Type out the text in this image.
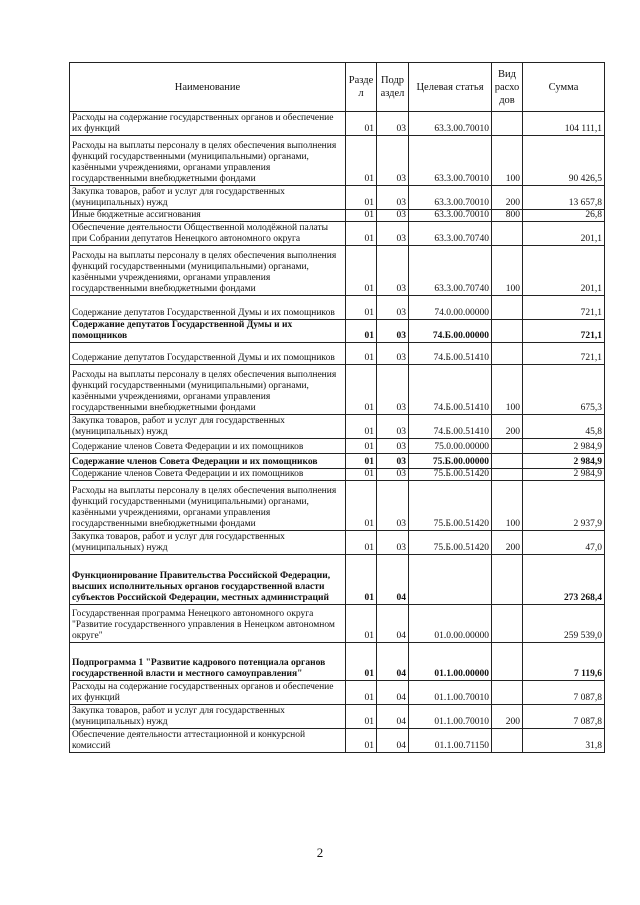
Наименование	Разде л	Подр аздел	Целевая статья	Вид расхо дов	Сумма
Расходы на содержание государственных органов и обеспечение их функций	01	03	63.3.00.70010		104 111,1
Расходы на выплаты персоналу в целях обеспечения выполнения функций государственными (муниципальными) органами, казёнными учреждениями, органами управления государственными внебюджетными фондами	01	03	63.3.00.70010	100	90 426,5
Закупка товаров, работ и услуг для государственных (муниципальных) нужд	01	03	63.3.00.70010	200	13 657,8
Иные бюджетные ассигнования	01	03	63.3.00.70010	800	26,8
Обеспечение деятельности Общественной молодёжной палаты при Собрании депутатов Ненецкого автономного округа	01	03	63.3.00.70740		201,1
Расходы на выплаты персоналу в целях обеспечения выполнения функций государственными (муниципальными) органами, казёнными учреждениями, органами управления государственными внебюджетными фондами	01	03	63.3.00.70740	100	201,1
Содержание депутатов Государственной Думы и их помощников	01	03	74.0.00.00000		721,1
Содержание депутатов Государственной Думы и их помощников	01	03	74.Б.00.00000		721,1
Содержание депутатов Государственной Думы и их помощников	01	03	74.Б.00.51410		721,1
Расходы на выплаты персоналу в целях обеспечения выполнения функций государственными (муниципальными) органами, казёнными учреждениями, органами управления государственными внебюджетными фондами	01	03	74.Б.00.51410	100	675,3
Закупка товаров, работ и услуг для государственных (муниципальных) нужд	01	03	74.Б.00.51410	200	45,8
Содержание членов Совета Федерации и их помощников	01	03	75.0.00.00000		2 984,9
Содержание членов Совета Федерации и их помощников	01	03	75.Б.00.00000		2 984,9
Содержание членов Совета Федерации и их помощников	01	03	75.Б.00.51420		2 984,9
Расходы на выплаты персоналу в целях обеспечения выполнения функций государственными (муниципальными) органами, казёнными учреждениями, органами управления государственными внебюджетными фондами	01	03	75.Б.00.51420	100	2 937,9
Закупка товаров, работ и услуг для государственных (муниципальных) нужд	01	03	75.Б.00.51420	200	47,0
Функционирование Правительства Российской Федерации, высших исполнительных органов государственной власти субъектов Российской Федерации, местных администраций	01	04			273 268,4
Государственная программа Ненецкого автономного округа "Развитие государственного управления в Ненецком автономном округе"	01	04	01.0.00.00000		259 539,0
Подпрограмма 1 "Развитие кадрового потенциала органов государственной власти и местного самоуправления"	01	04	01.1.00.00000		7 119,6
Расходы на содержание государственных органов и обеспечение их функций	01	04	01.1.00.70010		7 087,8
Закупка товаров, работ и услуг для государственных (муниципальных) нужд	01	04	01.1.00.70010	200	7 087,8
Обеспечение деятельности аттестационной и конкурсной комиссий	01	04	01.1.00.71150		31,8
2
